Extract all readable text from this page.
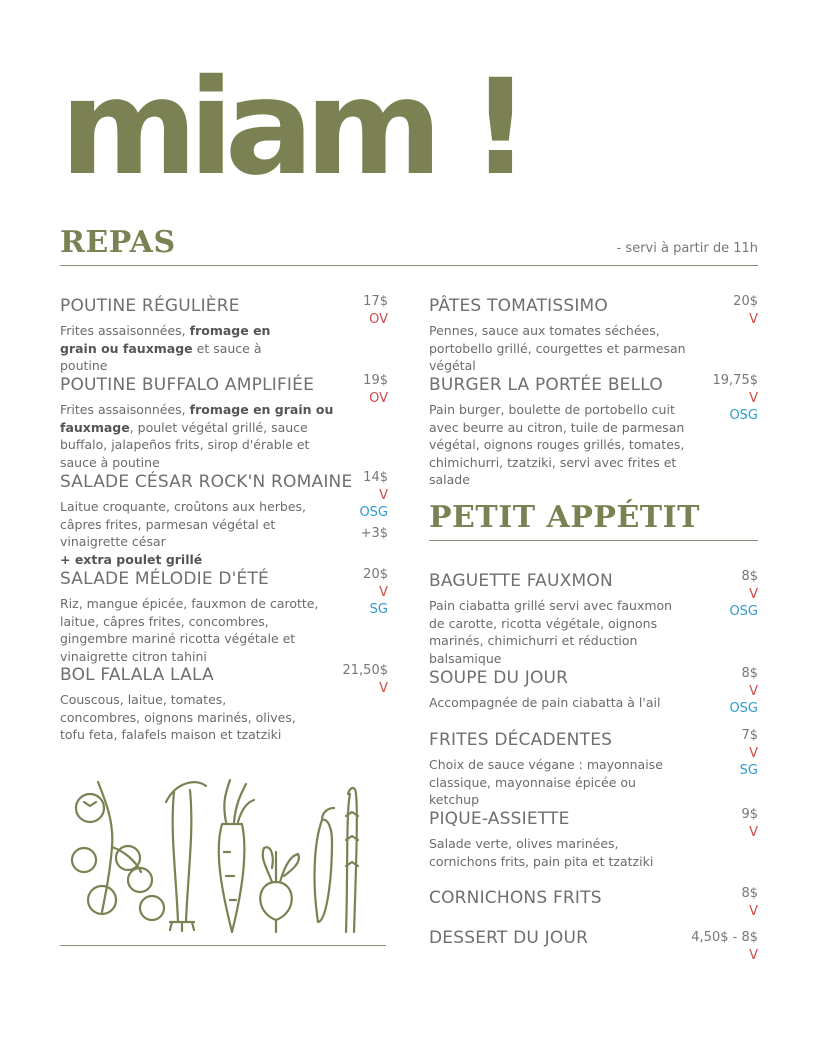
miam !
REPAS	- servi à partir de 11h
POUTINE RÉGULIÈRE
Frites assaisonnées, fromage en grain ou fauxmage et sauce à poutine
17$
OV
POUTINE BUFFALO AMPLIFIÉE
Frites assaisonnées, fromage en grain ou fauxmage, poulet végétal grillé, sauce buffalo, jalapeños frits, sirop d'érable et sauce à poutine
19$
OV
SALADE CÉSAR ROCK'N ROMAINE
Laitue croquante, croûtons aux herbes, câpres frites, parmesan végétal et vinaigrette césar
+ extra poulet grillé
14$
V
OSG
+3$
SALADE MÉLODIE D'ÉTÉ
Riz, mangue épicée, fauxmon de carotte, laitue, câpres frites, concombres, gingembre mariné ricotta végétale et vinaigrette citron tahini
20$
V
SG
BOL FALALA LALA
Couscous, laitue, tomates, concombres, oignons marinés, olives, tofu feta, falafels maison et tzatziki
21,50$
V
PÂTES TOMATISSIMO
Pennes, sauce aux tomates séchées, portobello grillé, courgettes et parmesan végétal
20$
V
BURGER LA PORTÉE BELLO
Pain burger, boulette de portobello cuit avec beurre au citron, tuile de parmesan végétal, oignons rouges grillés, tomates, chimichurri, tzatziki, servi avec frites et salade
19,75$
V
OSG
PETIT APPÉTIT
BAGUETTE FAUXMON
Pain ciabatta grillé servi avec fauxmon de carotte, ricotta végétale, oignons marinés, chimichurri et réduction balsamique
8$
V
OSG
SOUPE DU JOUR
Accompagnée de pain ciabatta à l'ail
8$
V
OSG
FRITES DÉCADENTES
Choix de sauce végane : mayonnaise classique, mayonnaise épicée ou ketchup
7$
V
SG
PIQUE-ASSIETTE
Salade verte, olives marinées, cornichons frits, pain pita et tzatziki
9$
V
CORNICHONS FRITS	8$
V
DESSERT DU JOUR	4,50$ - 8$
V
